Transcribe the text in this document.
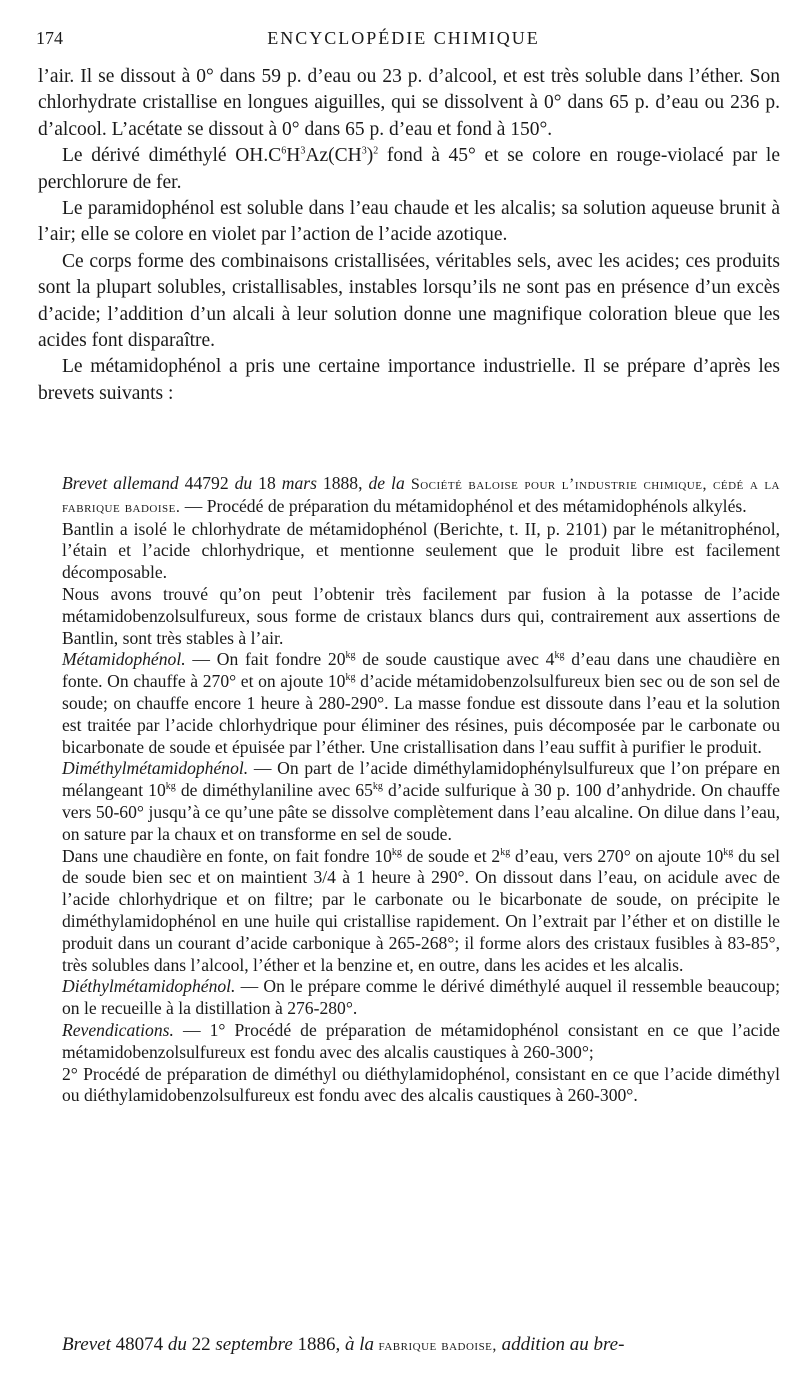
174	ENCYCLOPÉDIE CHIMIQUE

l’air. Il se dissout à 0° dans 59 p. d’eau ou 23 p. d’alcool, et est très soluble dans l’éther. Son chlorhydrate cristallise en longues aiguilles, qui se dissolvent à 0° dans 65 p. d’eau ou 236 p. d’alcool. L’acétate se dissout à 0° dans 65 p. d’eau et fond à 150°.

Le dérivé diméthylé $OH.C^6H^3Az(CH^3)^2$ fond à 45° et se colore en rouge-violacé par le perchlorure de fer.

Le paramidophénol est soluble dans l’eau chaude et les alcalis; sa solution aqueuse brunit à l’air; elle se colore en violet par l’action de l’acide azotique.

Ce corps forme des combinaisons cristallisées, véritables sels, avec les acides; ces produits sont la plupart solubles, cristallisables, instables lorsqu’ils ne sont pas en présence d’un excès d’acide; l’addition d’un alcali à leur solution donne une magnifique coloration bleue que les acides font disparaître.

Le métamidophénol a pris une certaine importance industrielle. Il se prépare d’après les brevets suivants :

Brevet allemand 44792 du 18 mars 1888, de la Société baloise pour l’industrie chimique, cédé a la fabrique badoise. — Procédé de préparation du métamidophénol et des métamidophénols alkylés.

Bantlin a isolé le chlorhydrate de métamidophénol (Berichte, t. II, p. 2101) par le métanitrophénol, l’étain et l’acide chlorhydrique, et mentionne seulement que le produit libre est facilement décomposable.

Nous avons trouvé qu’on peut l’obtenir très facilement par fusion à la potasse de l’acide métamidobenzolsulfureux, sous forme de cristaux blancs durs qui, contrairement aux assertions de Bantlin, sont très stables à l’air.

Métamidophénol. — On fait fondre $20^{kg}$ de soude caustique avec $4^{kg}$ d’eau dans une chaudière en fonte. On chauffe à 270° et on ajoute $10^{kg}$ d’acide métamidobenzolsulfureux bien sec ou de son sel de soude; on chauffe encore 1 heure à 280-290°. La masse fondue est dissoute dans l’eau et la solution est traitée par l’acide chlorhydrique pour éliminer des résines, puis décomposée par le carbonate ou bicarbonate de soude et épuisée par l’éther. Une cristallisation dans l’eau suffit à purifier le produit.

Diméthylmétamidophénol. — On part de l’acide diméthylamidophénylsulfureux que l’on prépare en mélangeant $10^{kg}$ de diméthylaniline avec $65^{kg}$ d’acide sulfurique à 30 p. 100 d’anhydride. On chauffe vers 50-60° jusqu’à ce qu’une pâte se dissolve complètement dans l’eau alcaline. On dilue dans l’eau, on sature par la chaux et on transforme en sel de soude.

Dans une chaudière en fonte, on fait fondre $10^{kg}$ de soude et $2^{kg}$ d’eau, vers 270° on ajoute $10^{kg}$ du sel de soude bien sec et on maintient 3/4 à 1 heure à 290°. On dissout dans l’eau, on acidule avec de l’acide chlorhydrique et on filtre; par le carbonate ou le bicarbonate de soude, on précipite le diméthylamidophénol en une huile qui cristallise rapidement. On l’extrait par l’éther et on distille le produit dans un courant d’acide carbonique à 265-268°; il forme alors des cristaux fusibles à 83-85°, très solubles dans l’alcool, l’éther et la benzine et, en outre, dans les acides et les alcalis.

Diéthylmétamidophénol. — On le prépare comme le dérivé diméthylé auquel il ressemble beaucoup; on le recueille à la distillation à 276-280°.

Revendications. — 1° Procédé de préparation de métamidophénol consistant en ce que l’acide métamidobenzolsulfureux est fondu avec des alcalis caustiques à 260-300°;

2° Procédé de préparation de diméthyl ou diéthylamidophénol, consistant en ce que l’acide diméthyl ou diéthylamidobenzolsulfureux est fondu avec des alcalis caustiques à 260-300°.

Brevet 48074 du 22 septembre 1886, à la fabrique badoise, addition au bre-
